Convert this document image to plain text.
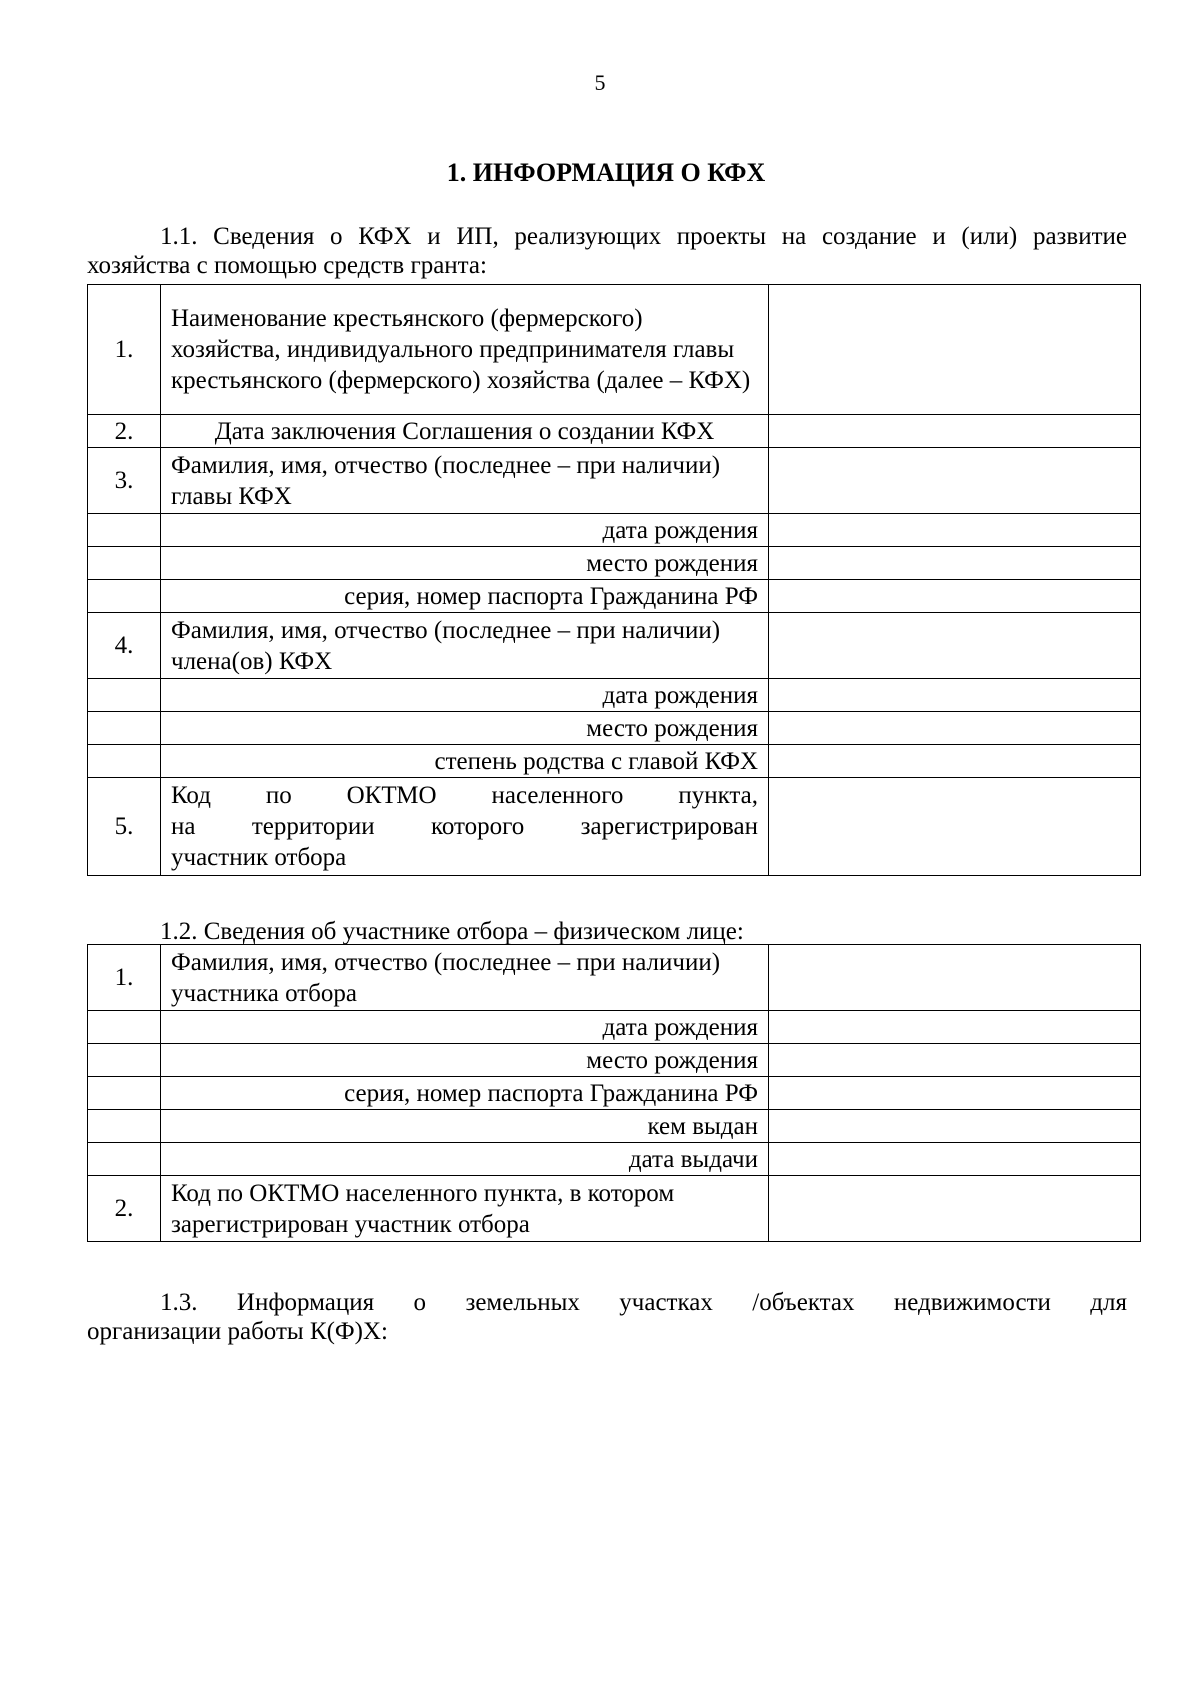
5
1. ИНФОРМАЦИЯ О КФХ
1.1. Сведения о КФХ и ИП, реализующих проекты на создание и (или) развитие
хозяйства с помощью средств гранта:
1.	Наименование крестьянского (фермерского) хозяйства, индивидуального предпринимателя главы крестьянского (фермерского) хозяйства (далее – КФХ)	
2.	Дата заключения Соглашения о создании КФХ	
3.	Фамилия, имя, отчество (последнее – при наличии) главы КФХ	
	дата рождения	
	место рождения	
	серия, номер паспорта Гражданина РФ	
4.	Фамилия, имя, отчество (последнее – при наличии) члена(ов) КФХ	
	дата рождения	
	место рождения	
	степень родства с главой КФХ	
5.	Код по ОКТМО населенного пункта,
на территории которого зарегистрирован
участник отбора	

1.2. Сведения об участнике отбора – физическом лице:
1.	Фамилия, имя, отчество (последнее – при наличии) участника отбора	
	дата рождения	
	место рождения	
	серия, номер паспорта Гражданина РФ	
	кем выдан	
	дата выдачи	
2.	Код по ОКТМО населенного пункта, в котором зарегистрирован участник отбора	
1.3. Информация о земельных участках /объектах недвижимости для
организации работы К(Ф)Х:
